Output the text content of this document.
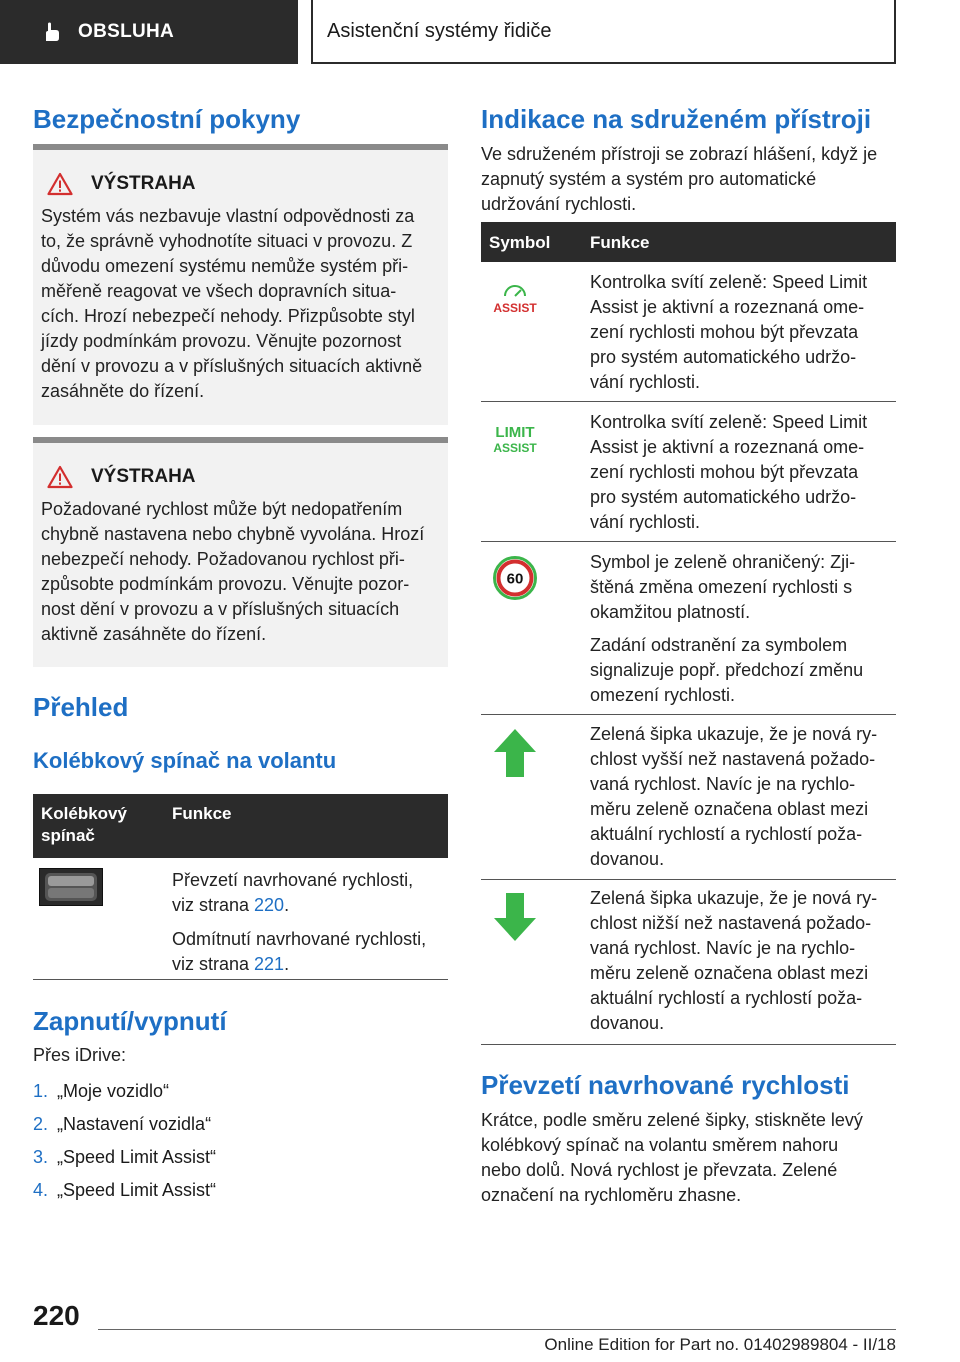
OBSLUHA	Asistenční systémy řidiče
Bezpečnostní pokyny
VÝSTRAHA
Systém vás nezbavuje vlastní odpovědnosti za
to, že správně vyhodnotíte situaci v provozu. Z
důvodu omezení systému nemůže systém při-
měřeně reagovat ve všech dopravních situa-
cích. Hrozí nebezpečí nehody. Přizpůsobte styl
jízdy podmínkám provozu. Věnujte pozornost
dění v provozu a v příslušných situacích aktivně
zasáhněte do řízení.
VÝSTRAHA
Požadované rychlost může být nedopatřením
chybně nastavena nebo chybně vyvolána. Hrozí
nebezpečí nehody. Požadovanou rychlost při-
způsobte podmínkám provozu. Věnujte pozor-
nost dění v provozu a v příslušných situacích
aktivně zasáhněte do řízení.
Přehled
Kolébkový spínač na volantu
Kolébkový
spínač
Funkce
Převzetí navrhované rychlosti,
viz strana 220.
Odmítnutí navrhované rychlosti,
viz strana 221.
Zapnutí/vypnutí
Přes iDrive:
1. „Moje vozidlo“
2. „Nastavení vozidla“
3. „Speed Limit Assist“
4. „Speed Limit Assist“
Indikace na sdruženém přístroji
Ve sdruženém přístroji se zobrazí hlášení, když je
zapnutý systém a systém pro automatické
udržování rychlosti.
Symbol Funkce
ASSIST
Kontrolka svítí zeleně: Speed Limit
Assist je aktivní a rozeznaná ome-
zení rychlosti mohou být převzata
pro systém automatického udržo-
vání rychlosti.
LIMIT
ASSIST
Kontrolka svítí zeleně: Speed Limit
Assist je aktivní a rozeznaná ome-
zení rychlosti mohou být převzata
pro systém automatického udržo-
vání rychlosti.
60
Symbol je zeleně ohraničený: Zji-
štěná změna omezení rychlosti s
okamžitou platností.
Zadání odstranění za symbolem
signalizuje popř. předchozí změnu
omezení rychlosti.
Zelená šipka ukazuje, že je nová ry-
chlost vyšší než nastavená požado-
vaná rychlost. Navíc je na rychlo-
měru zeleně označena oblast mezi
aktuální rychlostí a rychlostí poža-
dovanou.
Zelená šipka ukazuje, že je nová ry-
chlost nižší než nastavená požado-
vaná rychlost. Navíc je na rychlo-
měru zeleně označena oblast mezi
aktuální rychlostí a rychlostí poža-
dovanou.
Převzetí navrhované rychlosti
Krátce, podle směru zelené šipky, stiskněte levý
kolébkový spínač na volantu směrem nahoru
nebo dolů. Nová rychlost je převzata. Zelené
označení na rychloměru zhasne.
220
Online Edition for Part no. 01402989804 - II/18
